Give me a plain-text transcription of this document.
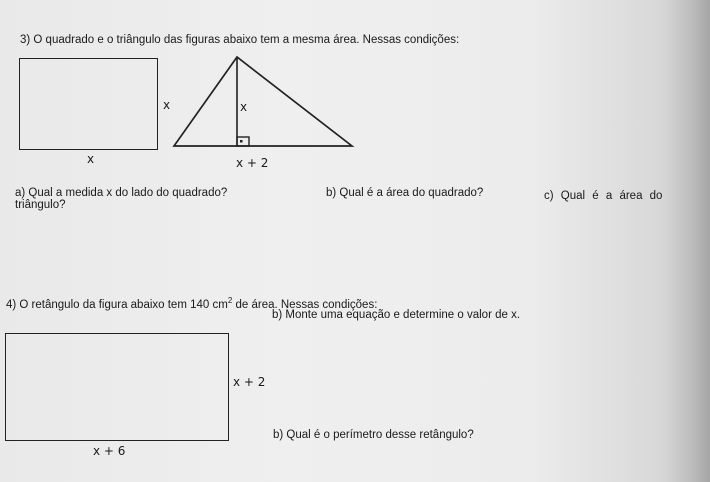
3) O quadrado e o triângulo das figuras abaixo tem a mesma área. Nessas condições:
x
x
x
x + 2
a) Qual a medida x do lado do quadrado?
triângulo?
b) Qual é a área do quadrado?	c) Qual é a área do
4) O retângulo da figura abaixo tem 140 $cm^2$ de área. Nessas condições:
b) Monte uma equação e determine o valor de x.
x + 2
x + 6
b) Qual é o perímetro desse retângulo?
